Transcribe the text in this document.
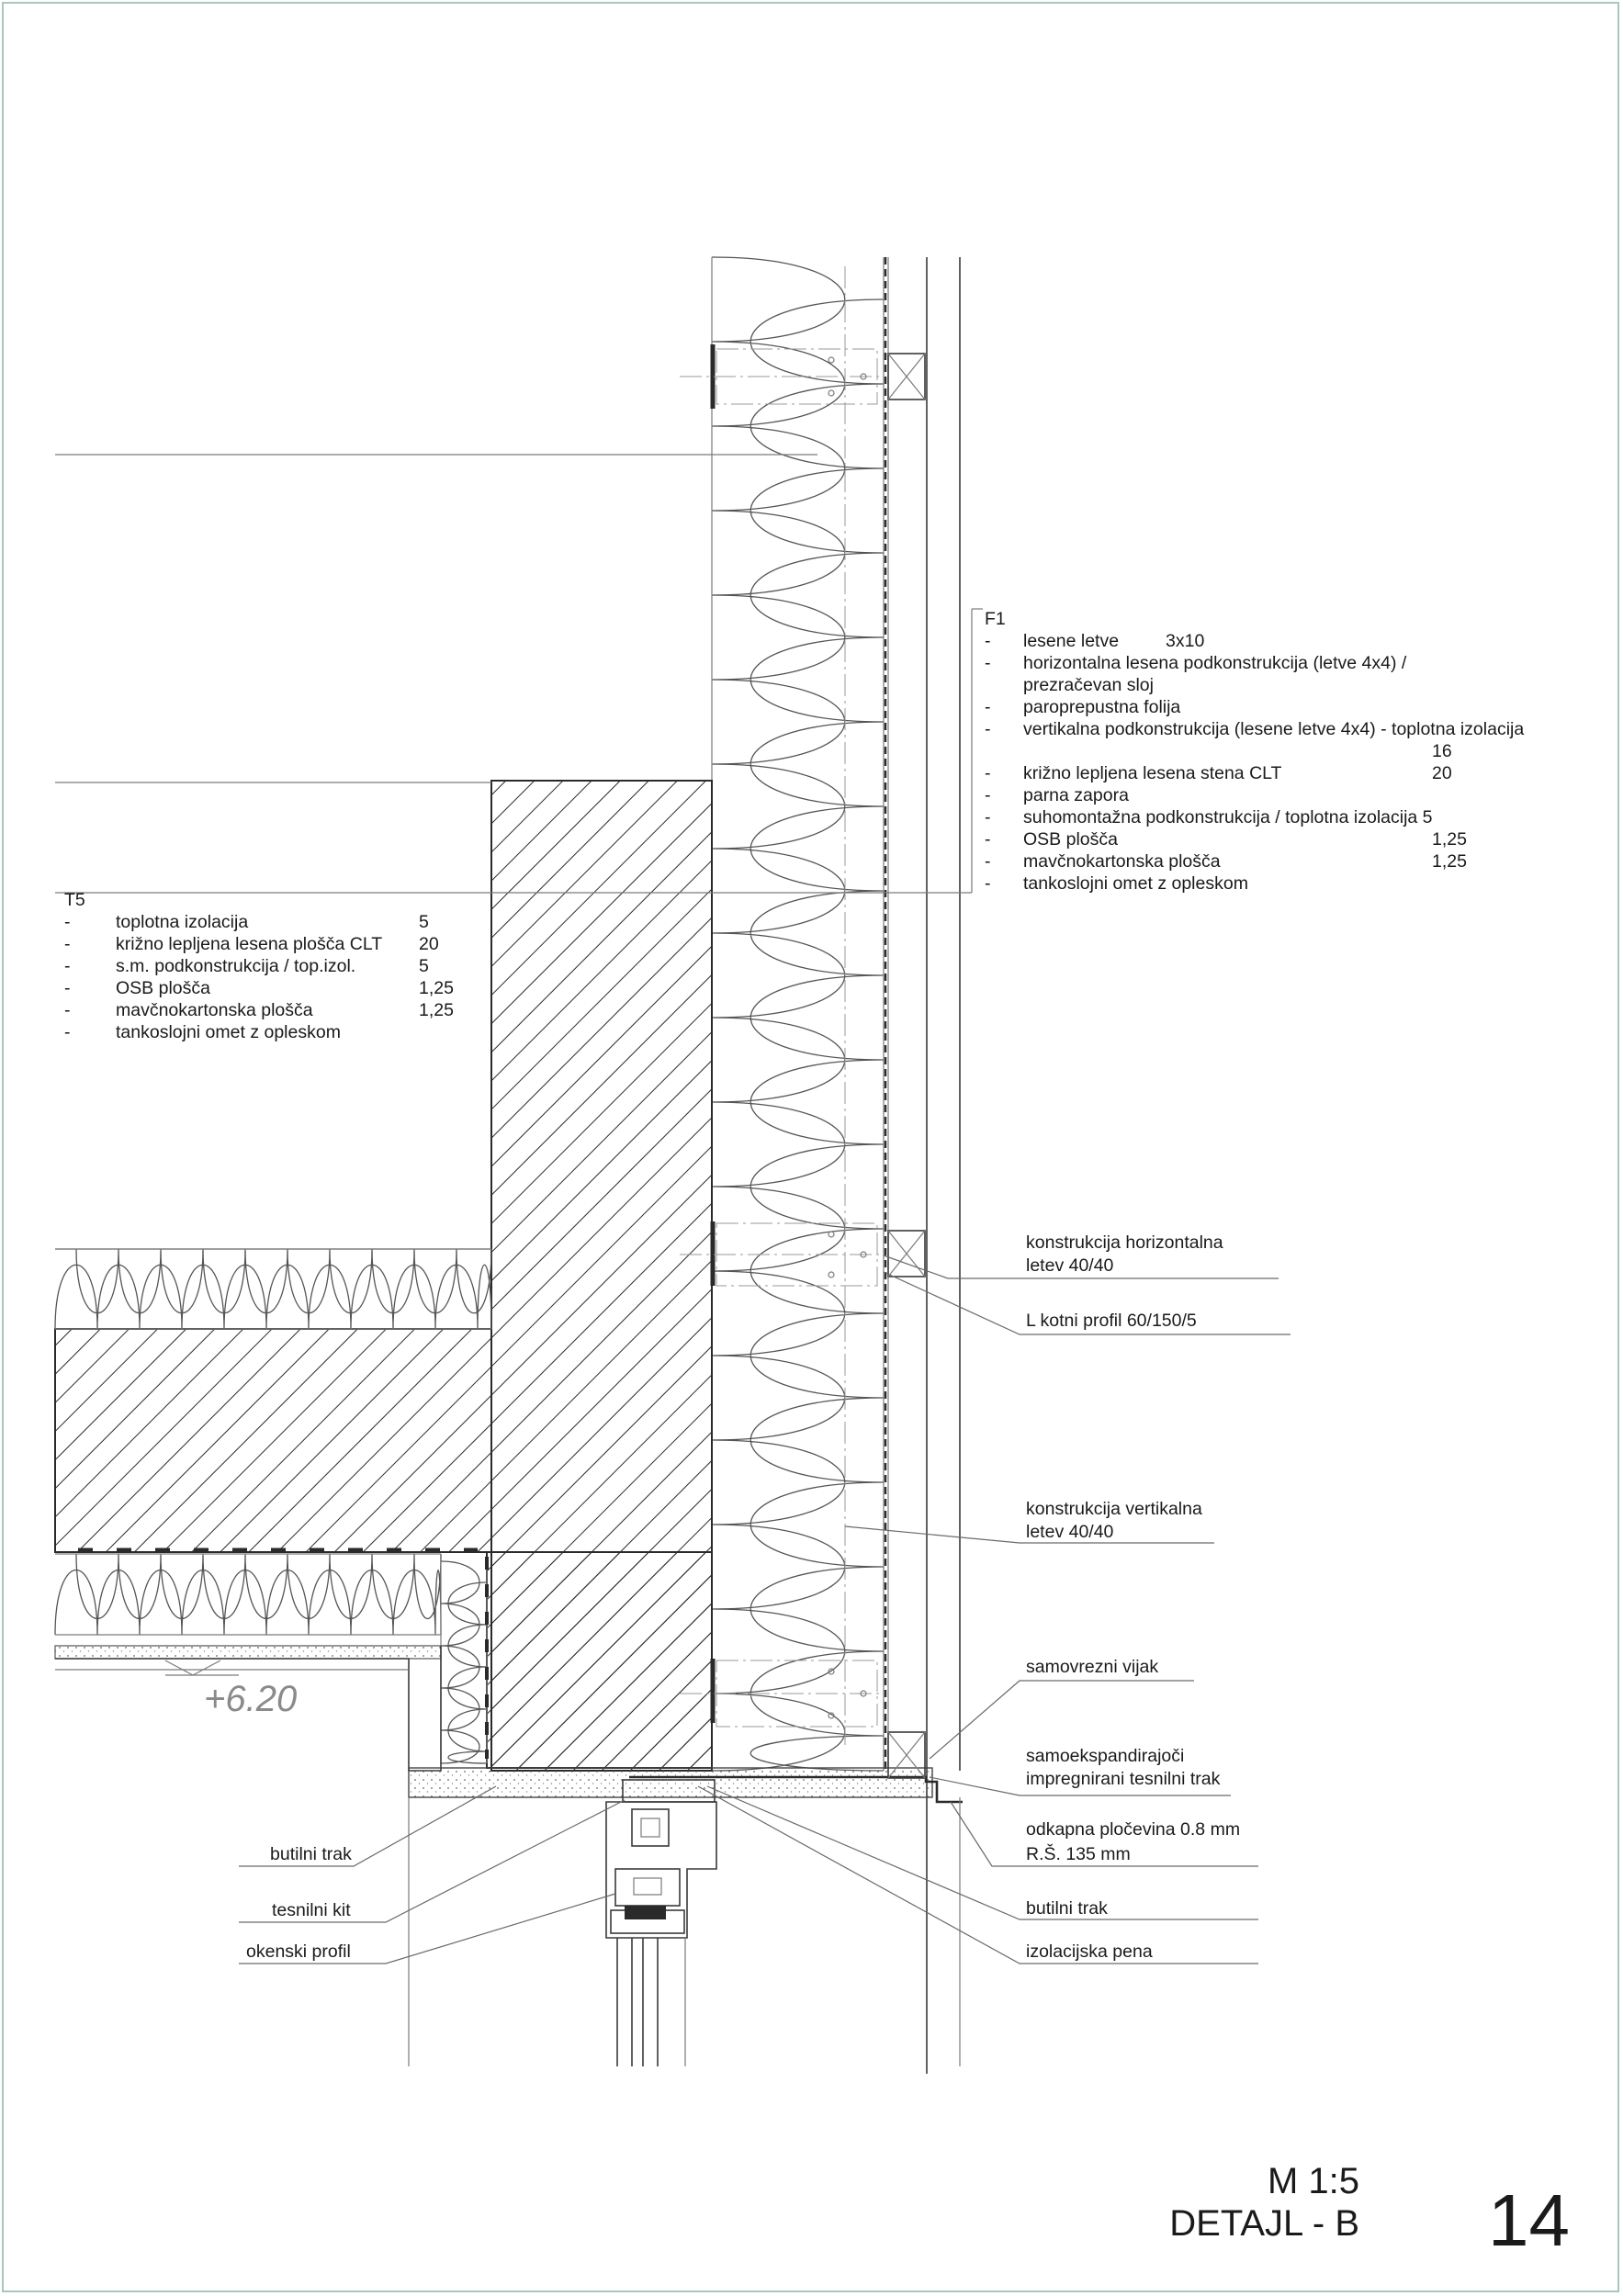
konstrukcija horizontalna
letev 40/40
L kotni profil 60/150/5
konstrukcija vertikalna
letev 40/40
samovrezni vijak
samoekspandirajoči
impregnirani tesnilni trak
odkapna pločevina 0.8 mm
R.Š. 135 mm
butilni trak
izolacijska pena
butilni trak
tesnilni kit
okenski profil
T5
-	toplotna izolacija	5
-	križno lepljena lesena plošča CLT	20
-	s.m. podkonstrukcija / top.izol.	5
-	OSB plošča	1,25
-	mavčnokartonska plošča	1,25
-	tankoslojni omet z opleskom
F1
-	lesene letve	3x10
-	horizontalna lesena podkonstrukcija (letve 4x4) /
prezračevan sloj
-	paroprepustna folija
-	vertikalna podkonstrukcija (lesene letve 4x4) - toplotna izolacija
16
-	križno lepljena lesena stena CLT	20
-	parna zapora
-	suhomontažna podkonstrukcija / toplotna izolacija 5
-	OSB plošča	1,25
-	mavčnokartonska plošča	1,25
-	tankoslojni omet z opleskom
+6.20
M 1:5
DETAJL - B 14
